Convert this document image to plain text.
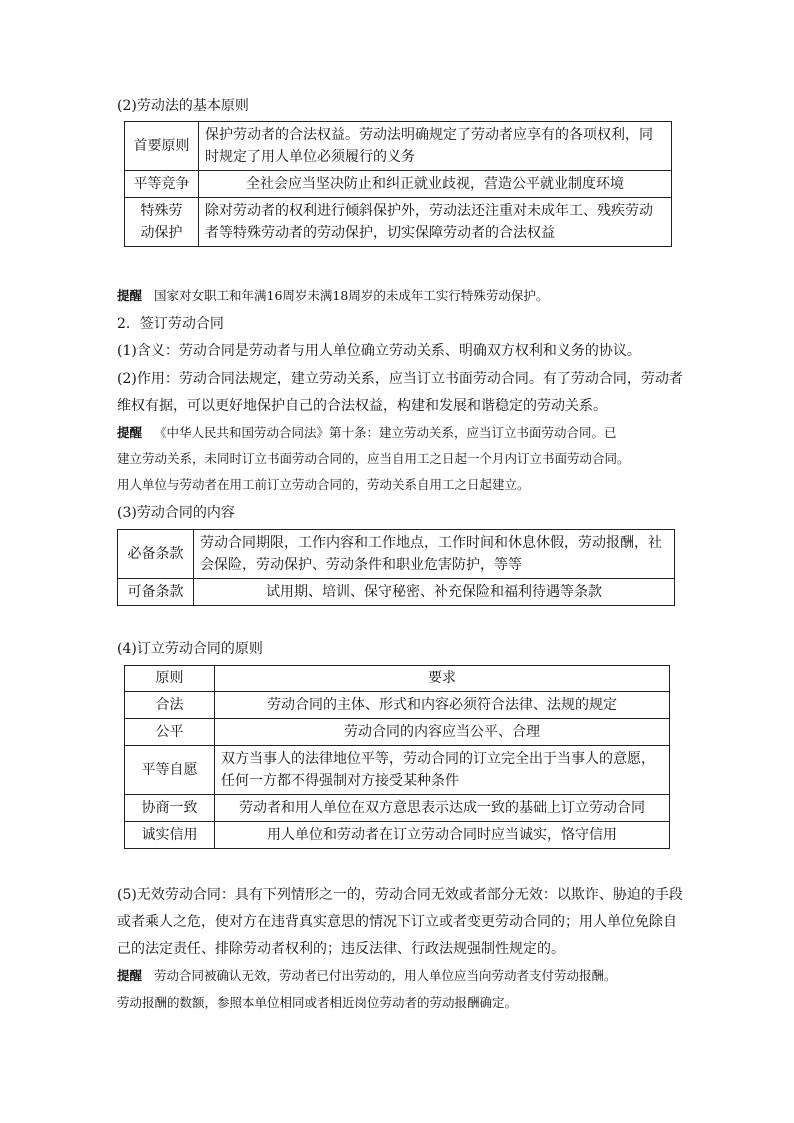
(2)劳动法的基本原则
首要原则	保护劳动者的合法权益。劳动法明确规定了劳动者应享有的各项权利，同时规定了用人单位必须履行的义务
平等竞争	全社会应当坚决防止和纠正就业歧视，营造公平就业制度环境
特殊劳动保护	除对劳动者的权利进行倾斜保护外，劳动法还注重对未成年工、残疾劳动者等特殊劳动者的劳动保护，切实保障劳动者的合法权益
提醒 国家对女职工和年满16周岁未满18周岁的未成年工实行特殊劳动保护。
2．签订劳动合同
(1)含义：劳动合同是劳动者与用人单位确立劳动关系、明确双方权利和义务的协议。
(2)作用：劳动合同法规定，建立劳动关系，应当订立书面劳动合同。有了劳动合同，劳动者
维权有据，可以更好地保护自己的合法权益，构建和发展和谐稳定的劳动关系。
提醒 《中华人民共和国劳动合同法》第十条：建立劳动关系，应当订立书面劳动合同。已
建立劳动关系，未同时订立书面劳动合同的，应当自用工之日起一个月内订立书面劳动合同。
用人单位与劳动者在用工前订立劳动合同的，劳动关系自用工之日起建立。
(3)劳动合同的内容
必备条款	劳动合同期限，工作内容和工作地点，工作时间和休息休假，劳动报酬，社会保险，劳动保护、劳动条件和职业危害防护，等等
可备条款	试用期、培训、保守秘密、补充保险和福利待遇等条款
(4)订立劳动合同的原则
原则	要求
合法	劳动合同的主体、形式和内容必须符合法律、法规的规定
公平	劳动合同的内容应当公平、合理
平等自愿	双方当事人的法律地位平等，劳动合同的订立完全出于当事人的意愿，任何一方都不得强制对方接受某种条件
协商一致	劳动者和用人单位在双方意思表示达成一致的基础上订立劳动合同
诚实信用	用人单位和劳动者在订立劳动合同时应当诚实，恪守信用
(5)无效劳动合同：具有下列情形之一的，劳动合同无效或者部分无效：以欺诈、胁迫的手段
或者乘人之危，使对方在违背真实意思的情况下订立或者变更劳动合同的；用人单位免除自
己的法定责任、排除劳动者权利的；违反法律、行政法规强制性规定的。
提醒 劳动合同被确认无效，劳动者已付出劳动的，用人单位应当向劳动者支付劳动报酬。
劳动报酬的数额，参照本单位相同或者相近岗位劳动者的劳动报酬确定。
